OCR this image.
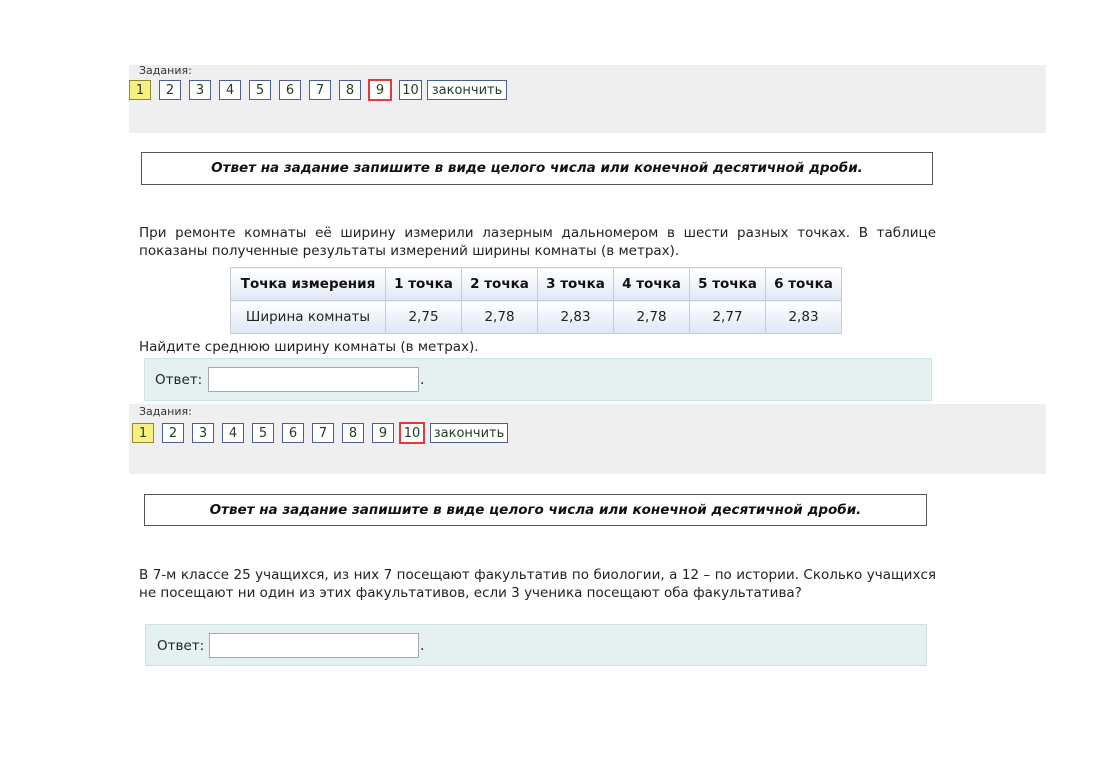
Задания:
1	2	3	4	5	6	7	8	9	10 закончить
Ответ на задание запишите в виде целого числа или конечной десятичной дроби.
При ремонте комнаты её ширину измерили лазерным дальномером в шести разных точках. В таблице показаны полученные результаты измерений ширины комнаты (в метрах).
Точка измерения	1 точка	2 точка	3 точка	4 точка	5 точка	6 точка
Ширина комнаты	2,75	2,78	2,83	2,78	2,77	2,83
Найдите среднюю ширину комнаты (в метрах).
Ответ:	.
Задания:
1	2	3	4	5	6	7	8	9	10	закончить
Ответ на задание запишите в виде целого числа или конечной десятичной дроби.
В 7-м классе 25 учащихся, из них 7 посещают факультатив по биологии, а 12 – по истории. Сколько учащихся не посещают ни один из этих факультативов, если 3 ученика посещают оба факультатива?
Ответ:	.
